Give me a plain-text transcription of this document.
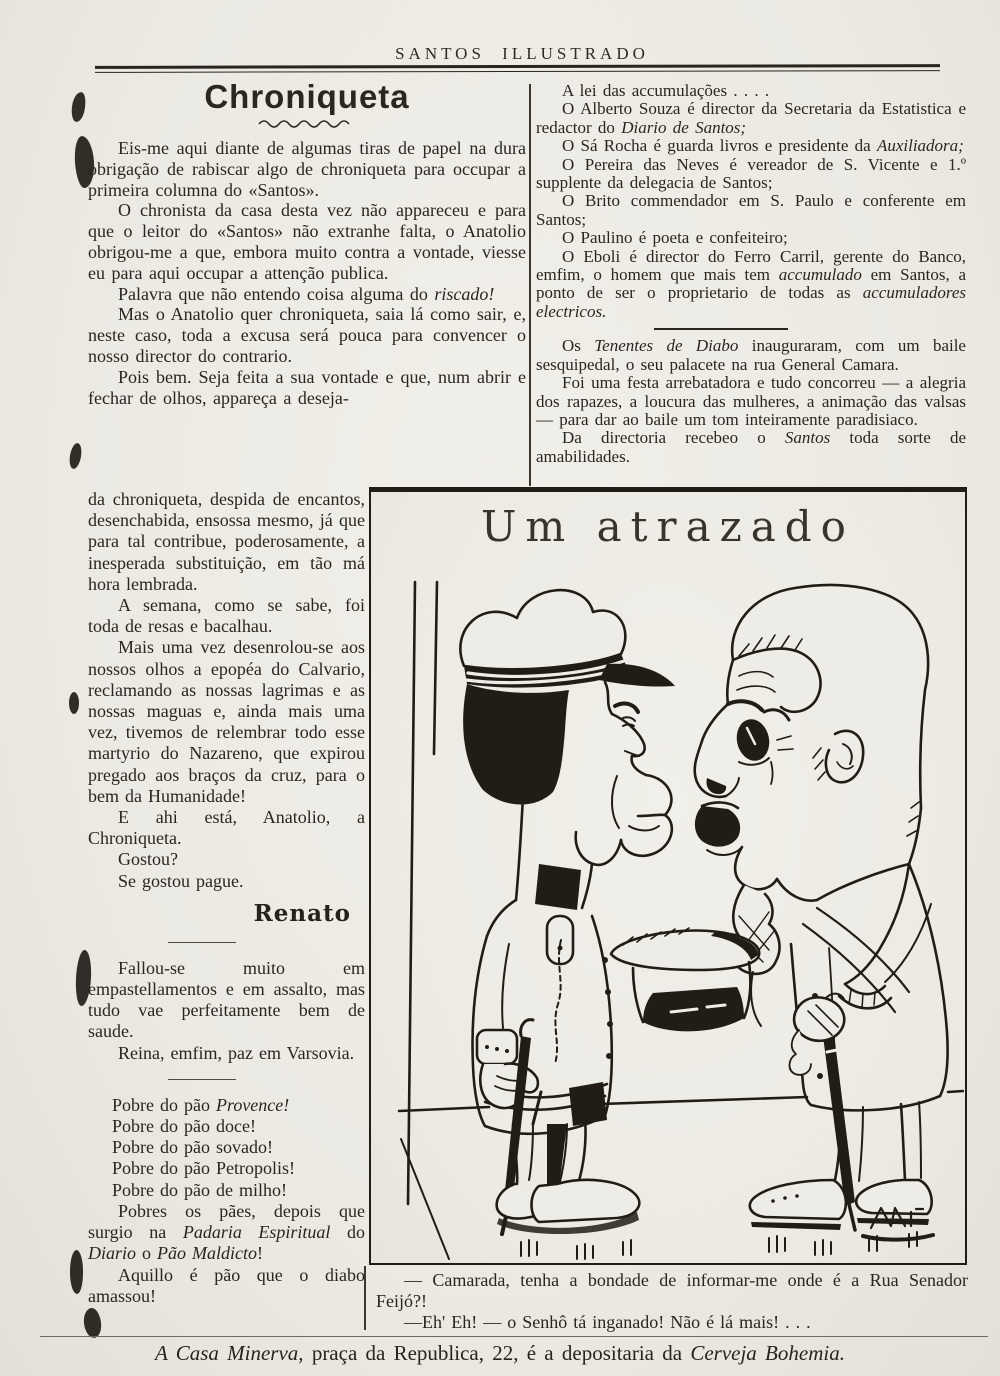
SANTOS ILLUSTRADO
Chroniqueta

Eis-me aqui diante de algumas tiras de papel na dura obrigação de rabiscar algo de chroniqueta para occupar a primeira columna do «Santos».

O chronista da casa desta vez não appareceu e para que o leitor do «Santos» não extranhe falta, o Anatolio obrigou-me a que, embora muito contra a vontade, viesse eu para aqui occupar a attenção publica.

Palavra que não entendo coisa alguma do riscado!

Mas o Anatolio quer chroniqueta, saia lá como sair, e, neste caso, toda a excusa será pouca para convencer o nosso director do contrario.

Pois bem. Seja feita a sua vontade e que, num abrir e fechar de olhos, appareça a deseja-

da chroniqueta, despida de encantos, desenchabida, ensossa mesmo, já que para tal contribue, poderosamente, a inesperada substituição, em tão má hora lembrada.

A semana, como se sabe, foi toda de resas e bacalhau.

Mais uma vez desenrolou-se aos nossos olhos a epopéa do Calvario, reclamando as nossas lagrimas e as nossas maguas e, ainda mais uma vez, tivemos de relembrar todo esse martyrio do Nazareno, que expirou pregado aos braços da cruz, para o bem da Humanidade!

E ahi está, Anatolio, a Chroniqueta.

Gostou?

Se gostou pague.

Renato

Fallou-se muito em empastellamentos e em assalto, mas tudo vae perfeitamente bem de saude.

Reina, emfim, paz em Varsovia.

Pobre do pão Provence!

Pobre do pão doce!

Pobre do pão sovado!

Pobre do pão Petropolis!

Pobre do pão de milho!

Pobres os pães, depois que surgio na Padaria Espiritual do Diario o Pão Maldicto!

Aquillo é pão que o diabo amassou!

A lei das accumulações . . . .

O Alberto Souza é director da Secretaria da Estatistica e redactor do Diario de Santos;

O Sá Rocha é guarda livros e presidente da Auxiliadora;

O Pereira das Neves é vereador de S. Vicente e 1.º supplente da delegacia de Santos;

O Brito commendador em S. Paulo e conferente em Santos;

O Paulino é poeta e confeiteiro;

O Eboli é director do Ferro Carril, gerente do Banco, emfim, o homem que mais tem accumulado em Santos, a ponto de ser o proprietario de todas as accumuladores electricos.

Os Tenentes de Diabo inauguraram, com um baile sesquipedal, o seu palacete na rua General Camara.

Foi uma festa arrebatadora e tudo concorreu — a alegria dos rapazes, a loucura das mulheres, a animação das valsas — para dar ao baile um tom inteiramente paradisiaco.

Da directoria recebeo o Santos toda sorte de amabilidades.

Um atrazado

— Camarada, tenha a bondade de informar-me onde é a Rua Senador Feijó?!

—Eh' Eh! — o Senhô tá inganado! Não é lá mais! . . .

A Casa Minerva, praça da Republica, 22, é a depositaria da Cerveja Bohemia.
